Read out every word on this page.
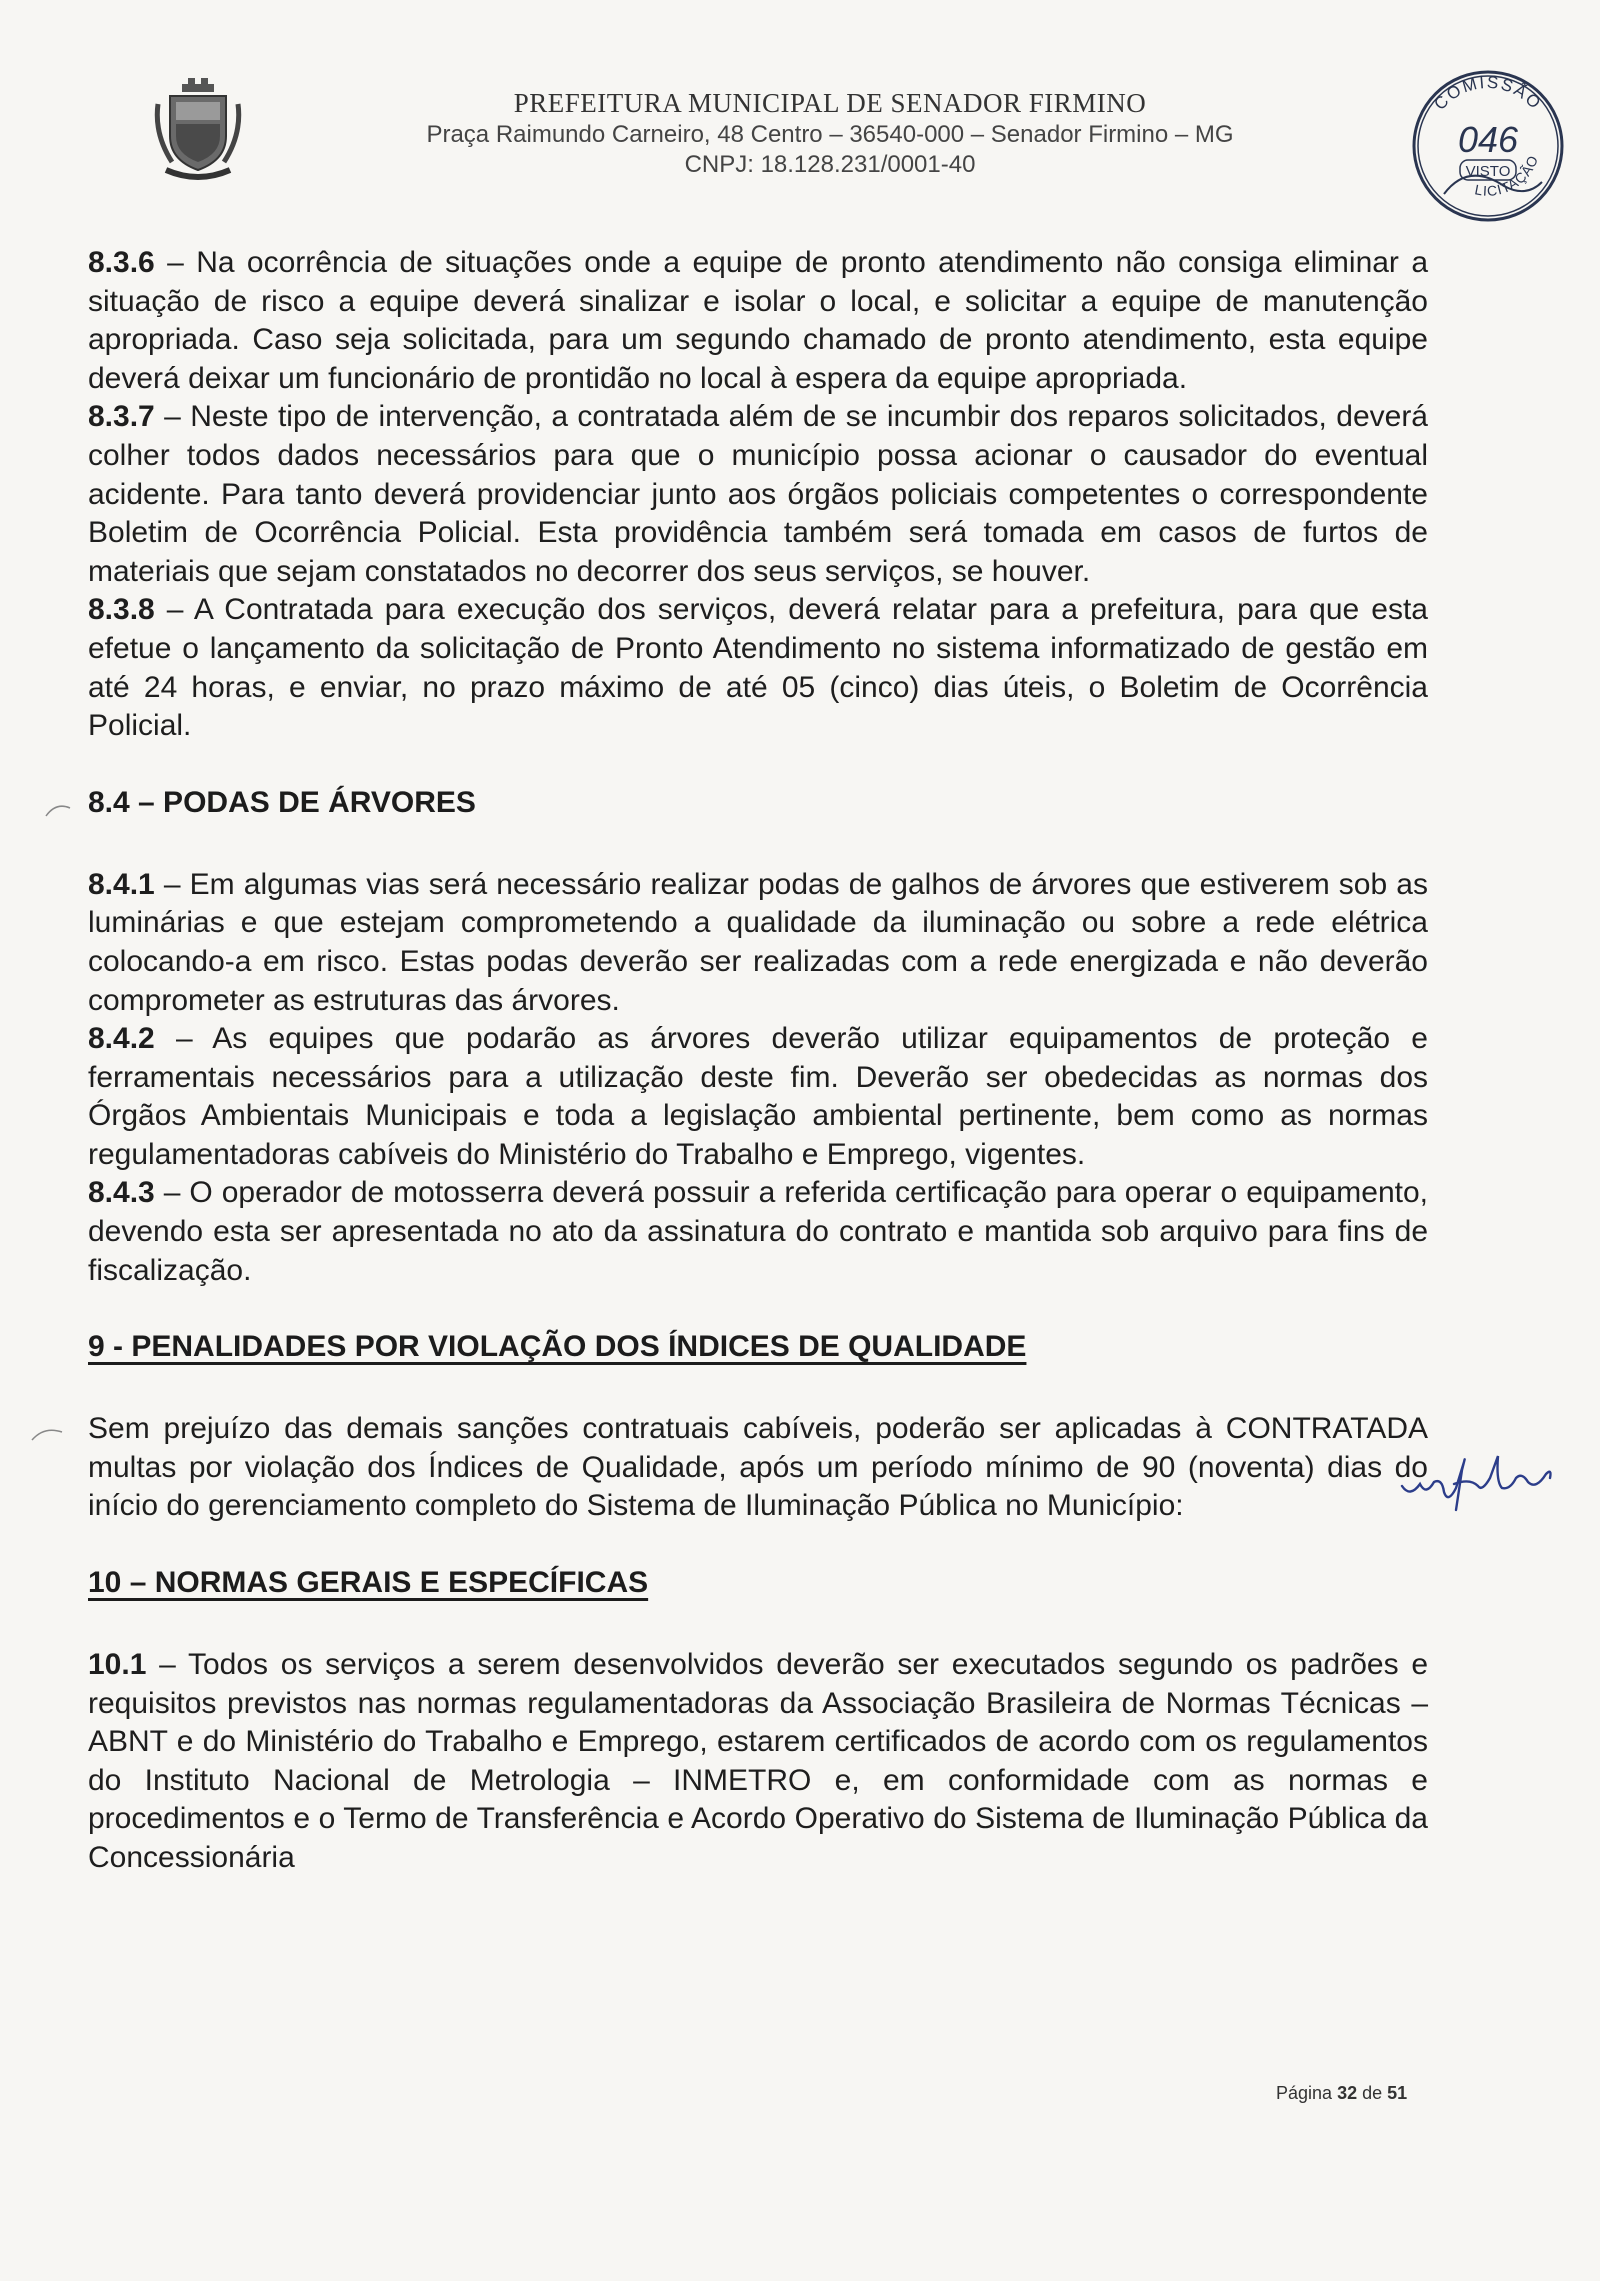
PREFEITURA MUNICIPAL DE SENADOR FIRMINO
Praça Raimundo Carneiro, 48 Centro – 36540-000 – Senador Firmino – MG
CNPJ: 18.128.231/0001-40
COMISSÃO
046
VISTO
LICITAÇÃO

8.3.6 – Na ocorrência de situações onde a equipe de pronto atendimento não consiga eliminar a situação de risco a equipe deverá sinalizar e isolar o local, e solicitar a equipe de manutenção apropriada. Caso seja solicitada, para um segundo chamado de pronto atendimento, esta equipe deverá deixar um funcionário de prontidão no local à espera da equipe apropriada.

8.3.7 – Neste tipo de intervenção, a contratada além de se incumbir dos reparos solicitados, deverá colher todos dados necessários para que o município possa acionar o causador do eventual acidente. Para tanto deverá providenciar junto aos órgãos policiais competentes o correspondente Boletim de Ocorrência Policial. Esta providência também será tomada em casos de furtos de materiais que sejam constatados no decorrer dos seus serviços, se houver.

8.3.8 – A Contratada para execução dos serviços, deverá relatar para a prefeitura, para que esta efetue o lançamento da solicitação de Pronto Atendimento no sistema informatizado de gestão em até 24 horas, e enviar, no prazo máximo de até 05 (cinco) dias úteis, o Boletim de Ocorrência Policial.

8.4 – PODAS DE ÁRVORES

8.4.1 – Em algumas vias será necessário realizar podas de galhos de árvores que estiverem sob as luminárias e que estejam comprometendo a qualidade da iluminação ou sobre a rede elétrica colocando-a em risco. Estas podas deverão ser realizadas com a rede energizada e não deverão comprometer as estruturas das árvores.

8.4.2 – As equipes que podarão as árvores deverão utilizar equipamentos de proteção e ferramentais necessários para a utilização deste fim. Deverão ser obedecidas as normas dos Órgãos Ambientais Municipais e toda a legislação ambiental pertinente, bem como as normas regulamentadoras cabíveis do Ministério do Trabalho e Emprego, vigentes.

8.4.3 – O operador de motosserra deverá possuir a referida certificação para operar o equipamento, devendo esta ser apresentada no ato da assinatura do contrato e mantida sob arquivo para fins de fiscalização.

9 - PENALIDADES POR VIOLAÇÃO DOS ÍNDICES DE QUALIDADE

Sem prejuízo das demais sanções contratuais cabíveis, poderão ser aplicadas à CONTRATADA multas por violação dos Índices de Qualidade, após um período mínimo de 90 (noventa) dias do início do gerenciamento completo do Sistema de Iluminação Pública no Município:

10 – NORMAS GERAIS E ESPECÍFICAS

10.1 – Todos os serviços a serem desenvolvidos deverão ser executados segundo os padrões e requisitos previstos nas normas regulamentadoras da Associação Brasileira de Normas Técnicas – ABNT e do Ministério do Trabalho e Emprego, estarem certificados de acordo com os regulamentos do Instituto Nacional de Metrologia – INMETRO e, em conformidade com as normas e procedimentos e o Termo de Transferência e Acordo Operativo do Sistema de Iluminação Pública da Concessionária

Página 32 de 51
